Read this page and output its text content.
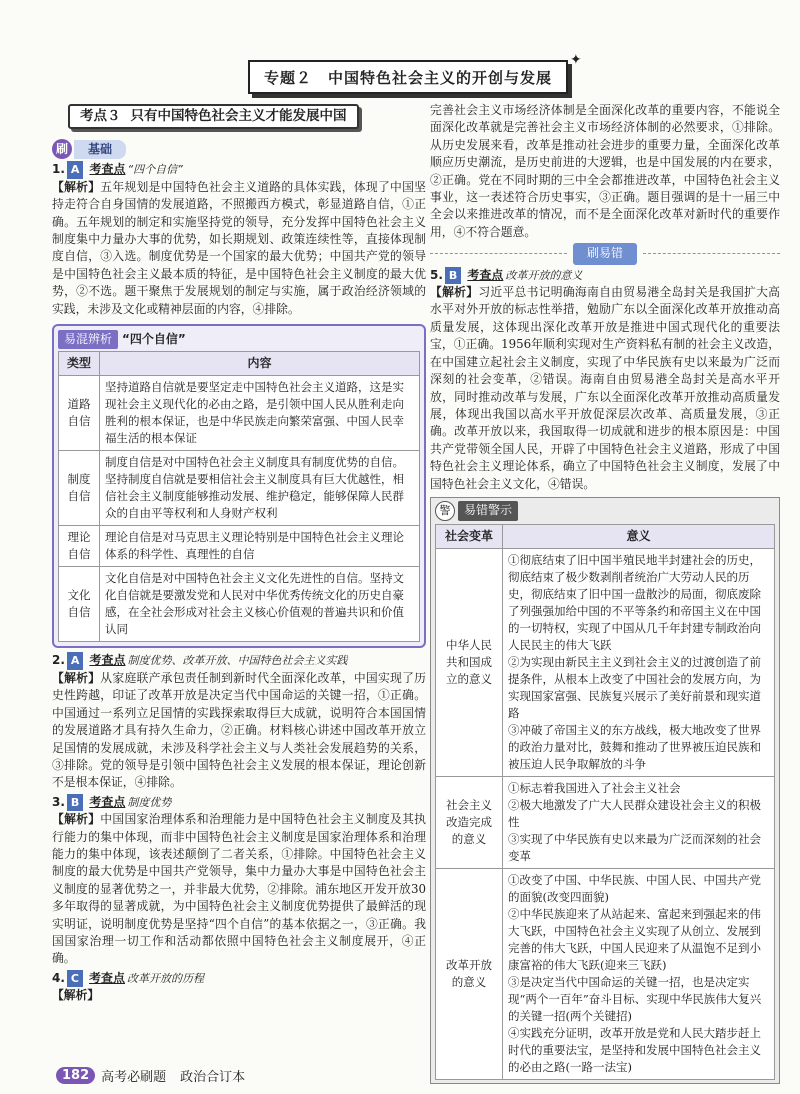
✦
专题２　中国特色社会主义的开创与发展
考点３ 只有中国特色社会主义才能发展中国
刷	基础
1. A 考查点 “四个自信”

【解析】五年规划是中国特色社会主义道路的具体实践，体现了中国坚持走符合自身国情的发展道路，不照搬西方模式，彰显道路自信，①正确。五年规划的制定和实施坚持党的领导，充分发挥中国特色社会主义制度集中力量办大事的优势，如长期规划、政策连续性等，直接体现制度自信，③入选。制度优势是一个国家的最大优势；中国共产党的领导是中国特色社会主义最本质的特征，是中国特色社会主义制度的最大优势，②不选。题干聚焦于发展规划的制定与实施，属于政治经济领域的实践，未涉及文化或精神层面的内容，④排除。

易混辨析 “四个自信”
类型	内容
道路自信	坚持道路自信就是要坚定走中国特色社会主义道路，这是实现社会主义现代化的必由之路，是引领中国人民从胜利走向胜利的根本保证，也是中华民族走向繁荣富强、中国人民幸福生活的根本保证
制度自信	制度自信是对中国特色社会主义制度具有制度优势的自信。坚持制度自信就是要相信社会主义制度具有巨大优越性，相信社会主义制度能够推动发展、维护稳定，能够保障人民群众的自由平等权利和人身财产权利
理论自信	理论自信是对马克思主义理论特别是中国特色社会主义理论体系的科学性、真理性的自信
文化自信	文化自信是对中国特色社会主义文化先进性的自信。坚持文化自信就是要激发党和人民对中华优秀传统文化的历史自豪感，在全社会形成对社会主义核心价值观的普遍共识和价值认同
2. A 考查点 制度优势、改革开放、中国特色社会主义实践

【解析】从家庭联产承包责任制到新时代全面深化改革，中国实现了历史性跨越，印证了改革开放是决定当代中国命运的关键一招，①正确。中国通过一系列立足国情的实践探索取得巨大成就，说明符合本国国情的发展道路才具有持久生命力，②正确。材料核心讲述中国改革开放立足国情的发展成就，未涉及科学社会主义与人类社会发展趋势的关系，③排除。党的领导是引领中国特色社会主义发展的根本保证，理论创新不是根本保证，④排除。

3. B 考查点 制度优势

【解析】中国国家治理体系和治理能力是中国特色社会主义制度及其执行能力的集中体现，而非中国特色社会主义制度是国家治理体系和治理能力的集中体现，该表述颠倒了二者关系，①排除。中国特色社会主义制度的最大优势是中国共产党领导，集中力量办大事是中国特色社会主义制度的显著优势之一，并非最大优势，②排除。浦东地区开发开放30多年取得的显著成就，为中国特色社会主义制度优势提供了最鲜活的现实明证，说明制度优势是坚持“四个自信”的基本依据之一，③正确。我国国家治理一切工作和活动都依照中国特色社会主义制度展开，④正确。

4. C 考查点 改革开放的历程

【解析】

完善社会主义市场经济体制是全面深化改革的重要内容，不能说全面深化改革就是完善社会主义市场经济体制的必然要求，①排除。从历史发展来看，改革是推动社会进步的重要力量，全面深化改革顺应历史潮流，是历史前进的大逻辑，也是中国发展的内在要求，②正确。党在不同时期的三中全会都推进改革，中国特色社会主义事业，这一表述符合历史事实，③正确。题目强调的是十一届三中全会以来推进改革的情况，而不是全面深化改革对新时代的重要作用，④不符合题意。

刷易错
5. B 考查点 改革开放的意义

【解析】习近平总书记明确海南自由贸易港全岛封关是我国扩大高水平对外开放的标志性举措，勉励广东以全面深化改革开放推动高质量发展，这体现出深化改革开放是推进中国式现代化的重要法宝，①正确。1956年顺利实现对生产资料私有制的社会主义改造，在中国建立起社会主义制度，实现了中华民族有史以来最为广泛而深刻的社会变革，②错误。海南自由贸易港全岛封关是高水平开放，同时推动改革与发展，广东以全面深化改革开放推动高质量发展，体现出我国以高水平开放促深层次改革、高质量发展，③正确。改革开放以来，我国取得一切成就和进步的根本原因是：中国共产党带领全国人民，开辟了中国特色社会主义道路，形成了中国特色社会主义理论体系，确立了中国特色社会主义制度，发展了中国特色社会主义文化，④错误。

警	易错警示
社会变革	意义
中华人民共和国成立的意义	①彻底结束了旧中国半殖民地半封建社会的历史，彻底结束了极少数剥削者统治广大劳动人民的历史，彻底结束了旧中国一盘散沙的局面，彻底废除了列强强加给中国的不平等条约和帝国主义在中国的一切特权，实现了中国从几千年封建专制政治向人民民主的伟大飞跃
②为实现由新民主主义到社会主义的过渡创造了前提条件，从根本上改变了中国社会的发展方向，为实现国家富强、民族复兴展示了美好前景和现实道路
③冲破了帝国主义的东方战线，极大地改变了世界的政治力量对比，鼓舞和推动了世界被压迫民族和被压迫人民争取解放的斗争
社会主义改造完成的意义	①标志着我国进入了社会主义社会
②极大地激发了广大人民群众建设社会主义的积极性
③实现了中华民族有史以来最为广泛而深刻的社会变革
改革开放的意义	①改变了中国、中华民族、中国人民、中国共产党的面貌(改变四面貌)
②中华民族迎来了从站起来、富起来到强起来的伟大飞跃，中国特色社会主义实现了从创立、发展到完善的伟大飞跃，中国人民迎来了从温饱不足到小康富裕的伟大飞跃(迎来三飞跃)
③是决定当代中国命运的关键一招，也是决定实现“两个一百年”奋斗目标、实现中华民族伟大复兴的关键一招(两个关键招)
④实践充分证明，改革开放是党和人民大踏步赶上时代的重要法宝，是坚持和发展中国特色社会主义的必由之路(一路一法宝)
182 高考必刷题 政治合订本
